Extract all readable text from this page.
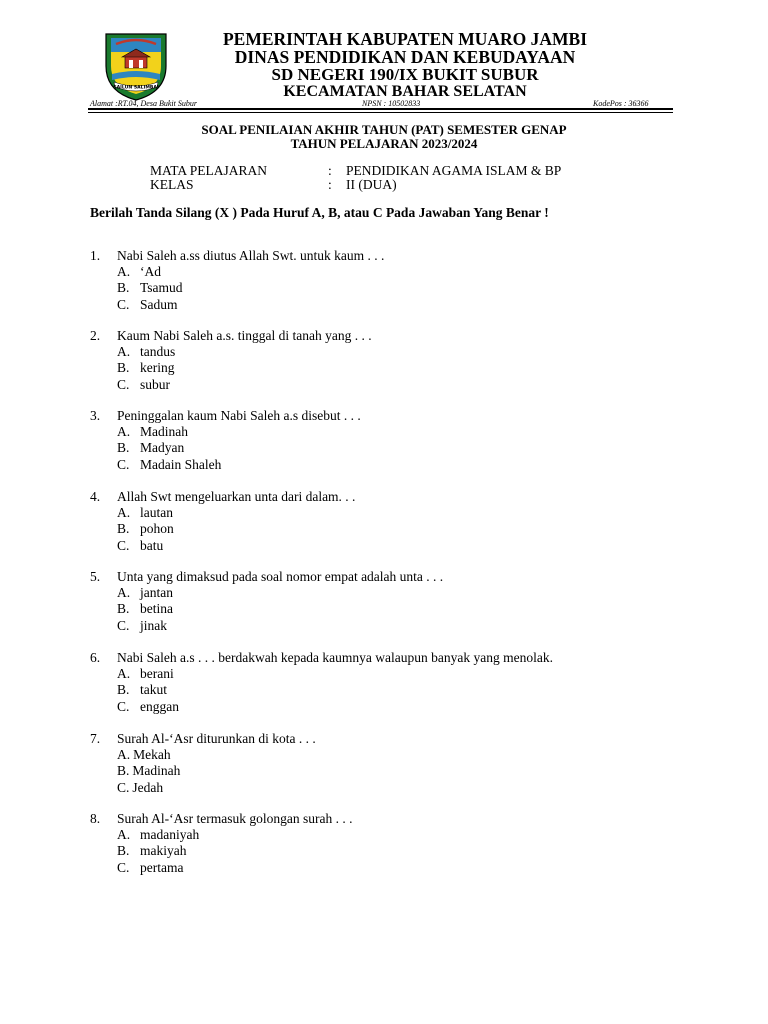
SAILUN SALIMBAI
PEMERINTAH KABUPATEN MUARO JAMBI
DINAS PENDIDIKAN DAN KEBUDAYAAN
SD NEGERI 190/IX BUKIT SUBUR
KECAMATAN BAHAR SELATAN
Alamat :RT.04, Desa Bukit Subur	NPSN : 10502833	KodePos : 36366
SOAL PENILAIAN AKHIR TAHUN (PAT) SEMESTER GENAP
TAHUN PELAJARAN 2023/2024
MATA PELAJARAN	: PENDIDIKAN AGAMA ISLAM & BP
KELAS	: II (DUA)
Berilah Tanda Silang (X ) Pada Huruf A, B, atau C Pada Jawaban Yang Benar !
1. Nabi Saleh a.ss diutus Allah Swt. untuk kaum . . .
A. ‘Ad
B. Tsamud
C. Sadum
2. Kaum Nabi Saleh a.s. tinggal di tanah yang . . .
A. tandus
B. kering
C. subur
3. Peninggalan kaum Nabi Saleh a.s disebut . . .
A. Madinah
B. Madyan
C. Madain Shaleh
4. Allah Swt mengeluarkan unta dari dalam. . .
A. lautan
B. pohon
C. batu
5. Unta yang dimaksud pada soal nomor empat adalah unta . . .
A. jantan
B. betina
C. jinak
6. Nabi Saleh a.s . . . berdakwah kepada kaumnya walaupun banyak yang menolak.
A. berani
B. takut
C. enggan
7. Surah Al-‘Asr diturunkan di kota . . .
A. Mekah
B. Madinah
C. Jedah
8. Surah Al-‘Asr termasuk golongan surah . . .
A. madaniyah
B. makiyah
C. pertama
